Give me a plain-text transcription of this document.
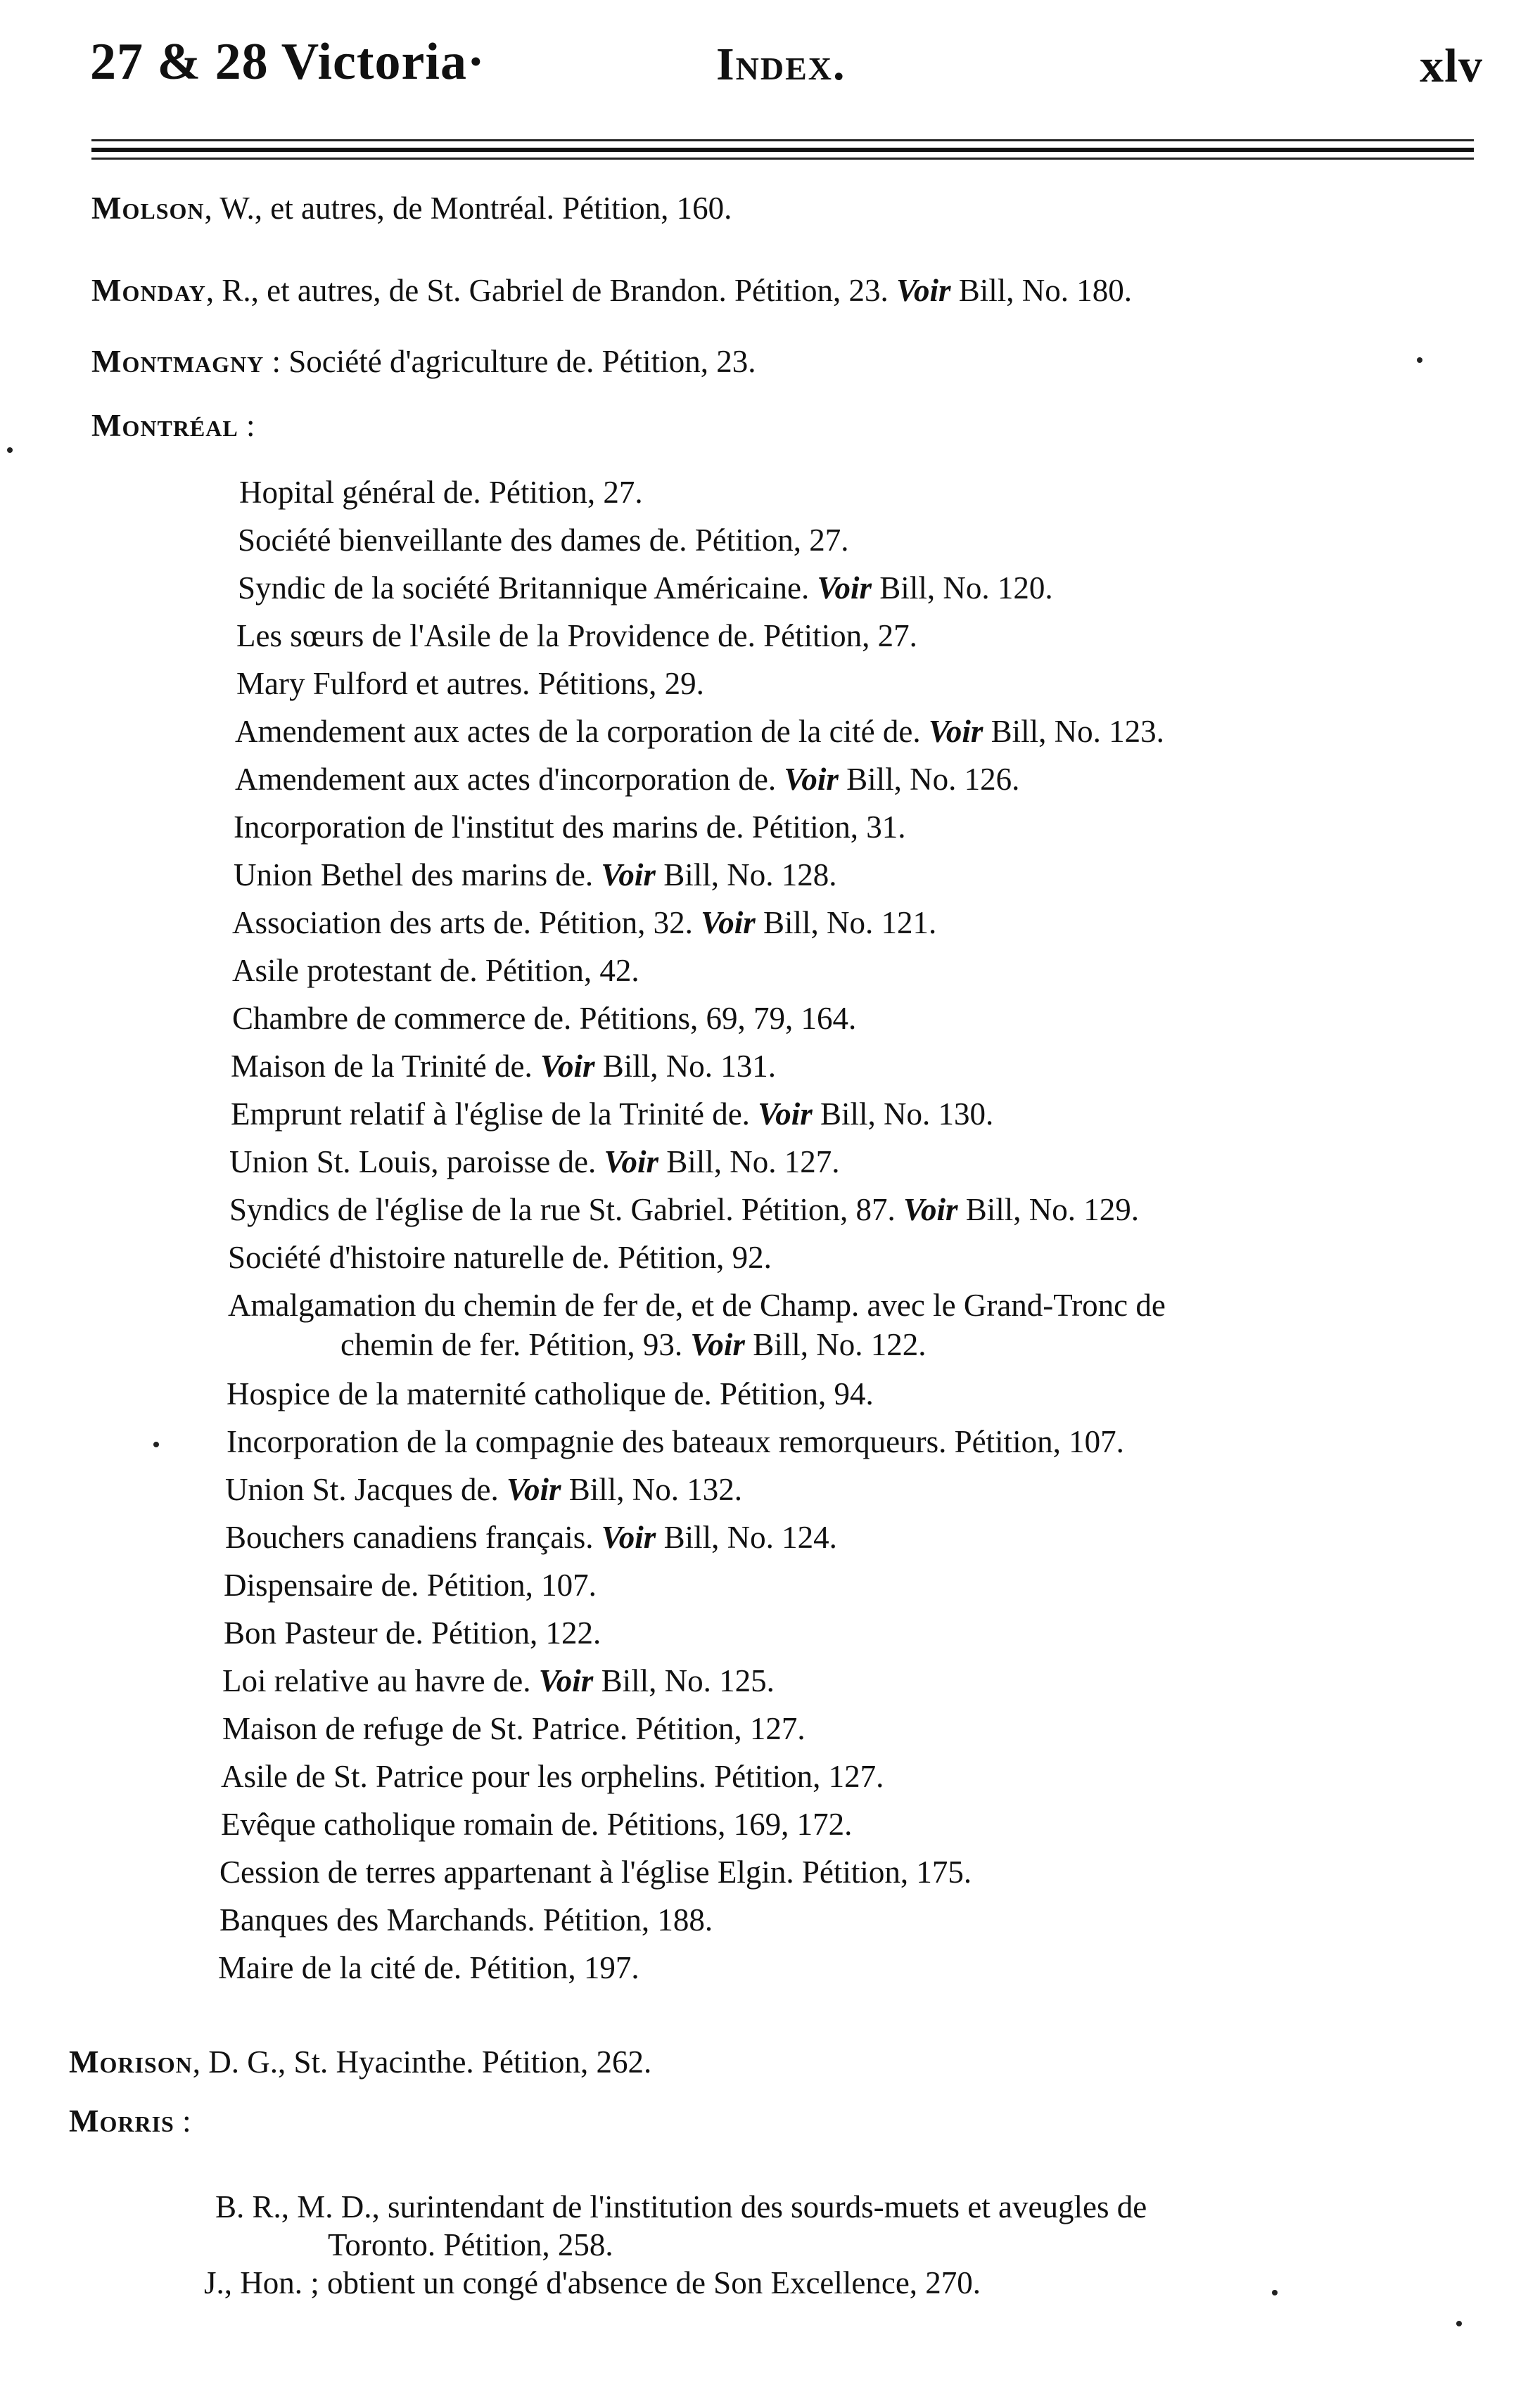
27 & 28 Victoria·	Index.	xlv
Molson, W., et autres, de Montréal. Pétition, 160.
Monday, R., et autres, de St. Gabriel de Brandon. Pétition, 23. Voir Bill, No. 180.
Montmagny : Société d'agriculture de. Pétition, 23.
Montréal :
Hopital général de. Pétition, 27.
Société bienveillante des dames de. Pétition, 27.
Syndic de la société Britannique Américaine. Voir Bill, No. 120.
Les sœurs de l'Asile de la Providence de. Pétition, 27.
Mary Fulford et autres. Pétitions, 29.
Amendement aux actes de la corporation de la cité de. Voir Bill, No. 123.
Amendement aux actes d'incorporation de. Voir Bill, No. 126.
Incorporation de l'institut des marins de. Pétition, 31.
Union Bethel des marins de. Voir Bill, No. 128.
Association des arts de. Pétition, 32. Voir Bill, No. 121.
Asile protestant de. Pétition, 42.
Chambre de commerce de. Pétitions, 69, 79, 164.
Maison de la Trinité de. Voir Bill, No. 131.
Emprunt relatif à l'église de la Trinité de. Voir Bill, No. 130.
Union St. Louis, paroisse de. Voir Bill, No. 127.
Syndics de l'église de la rue St. Gabriel. Pétition, 87. Voir Bill, No. 129.
Société d'histoire naturelle de. Pétition, 92.
Amalgamation du chemin de fer de, et de Champ. avec le Grand-Tronc de
chemin de fer. Pétition, 93. Voir Bill, No. 122.
Hospice de la maternité catholique de. Pétition, 94.
Incorporation de la compagnie des bateaux remorqueurs. Pétition, 107.
Union St. Jacques de. Voir Bill, No. 132.
Bouchers canadiens français. Voir Bill, No. 124.
Dispensaire de. Pétition, 107.
Bon Pasteur de. Pétition, 122.
Loi relative au havre de. Voir Bill, No. 125.
Maison de refuge de St. Patrice. Pétition, 127.
Asile de St. Patrice pour les orphelins. Pétition, 127.
Evêque catholique romain de. Pétitions, 169, 172.
Cession de terres appartenant à l'église Elgin. Pétition, 175.
Banques des Marchands. Pétition, 188.
Maire de la cité de. Pétition, 197.
Morison, D. G., St. Hyacinthe. Pétition, 262.
Morris :
B. R., M. D., surintendant de l'institution des sourds-muets et aveugles de
Toronto. Pétition, 258.
J., Hon. ; obtient un congé d'absence de Son Excellence, 270.
